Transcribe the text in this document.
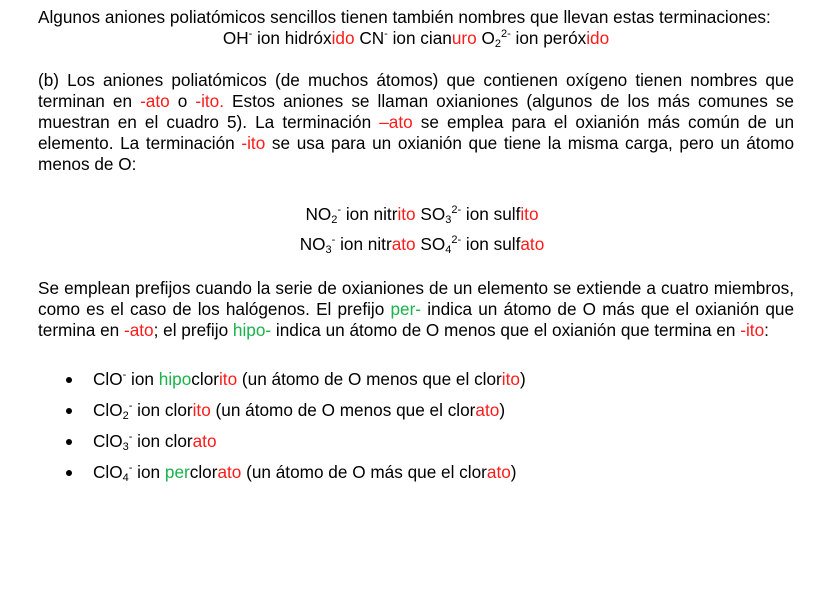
Algunos aniones poliatómicos sencillos tienen también nombres que llevan estas terminaciones:

OH- ion hidróxido CN- ion cianuro $O_2^{2-}$ ion peróxido

(b) Los aniones poliatómicos (de muchos átomos) que contienen oxígeno tienen nombres que terminan en -ato o -ito. Estos aniones se llaman oxianiones (algunos de los más comunes se muestran en el cuadro 5). La terminación –ato se emplea para el oxianión más común de un elemento. La terminación -ito se usa para un oxianión que tiene la misma carga, pero un átomo menos de O:

$NO_2^-$ ion nitrito $SO_3^{2-}$ ion sulfito

$NO_3^-$ ion nitrato $SO_4^{2-}$ ion sulfato

Se emplean prefijos cuando la serie de oxianiones de un elemento se extiende a cuatro miembros, como es el caso de los halógenos. El prefijo per- indica un átomo de O más que el oxianión que termina en -ato; el prefijo hipo- indica un átomo de O menos que el oxianión que termina en -ito:

ClO- ion hipoclorito (un átomo de O menos que el clorito)
ClO$_2$- ion clorito (un átomo de O menos que el clorato)
ClO$_3$- ion clorato
ClO$_4$- ion perclorato (un átomo de O más que el clorato)
